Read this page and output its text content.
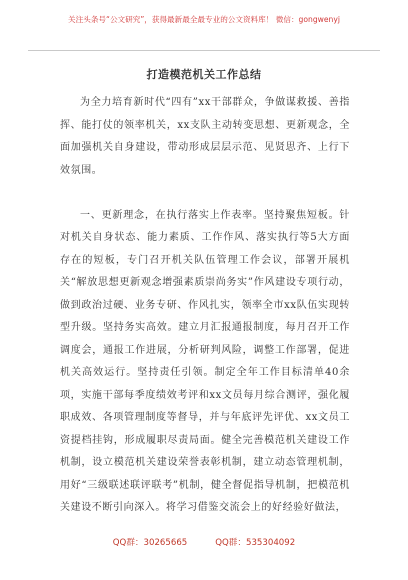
关注头条号“公文研究”，获得最新最全最专业的公文资料库！ 微信：gongwenyj
打造模范机关工作总结

为全力培育新时代“四有”xx干部群众，争做谋救援、善指挥、能打仗的领率机关，xx支队主动转变思想、更新观念，全面加强机关自身建设，带动形成层层示范、见贤思齐、上行下效氛围。

一、更新理念，在执行落实上作表率。坚持聚焦短板。针对机关自身状态、能力素质、工作作风、落实执行等5大方面存在的短板，专门召开机关队伍管理工作会议，部署开展机关“解放思想更新观念增强素质崇尚务实”作风建设专项行动，做到政治过硬、业务专研、作风扎实，领率全市xx队伍实现转型升级。坚持务实高效。建立月汇报通报制度，每月召开工作调度会，通报工作进展，分析研判风险，调整工作部署，促进机关高效运行。坚持责任引领。制定全年工作目标清单40余项，实施干部每季度绩效考评和xx文员每月综合测评，强化履职成效、各项管理制度等督导，并与年底评先评优、xx文员工资提档挂钩，形成履职尽责局面。健全完善模范机关建设工作机制，设立模范机关建设荣誉表彰机制，建立动态管理机制，用好“三级联述联评联考”机制，健全督促指导机制，把模范机关建设不断引向深入。将学习借鉴交流会上的好经验好做法，

QQ群：30265665	QQ群：535304092
